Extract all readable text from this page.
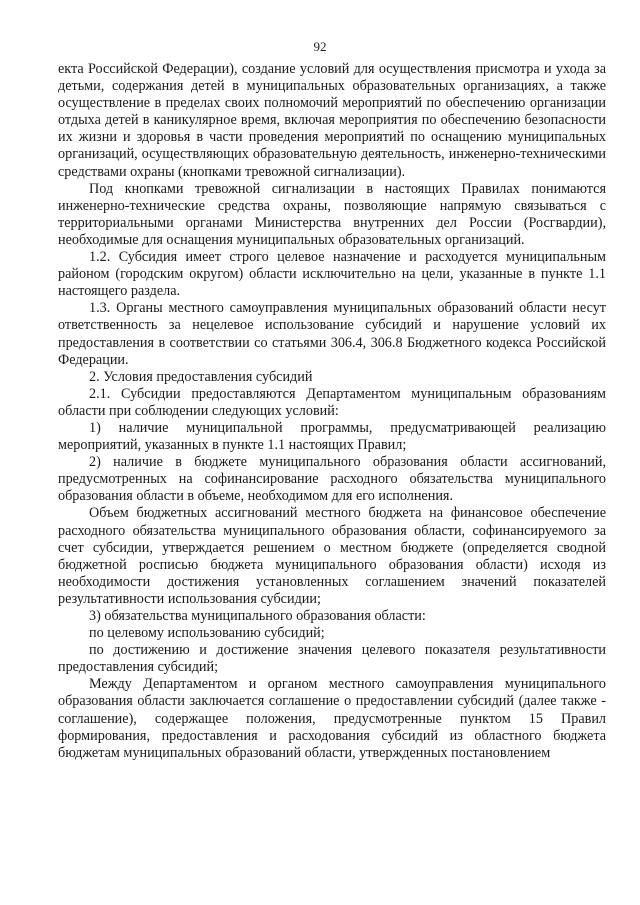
92

екта Российской Федерации), создание условий для осуществления присмотра и ухода за детьми, содержания детей в муниципальных образовательных организациях, а также осуществление в пределах своих полномочий мероприятий по обеспечению организации отдыха детей в каникулярное время, включая мероприятия по обеспечению безопасности их жизни и здоровья в части проведения мероприятий по оснащению муниципальных организаций, осуществляющих образовательную деятельность, инженерно-техническими средствами охраны (кнопками тревожной сигнализации).

Под кнопками тревожной сигнализации в настоящих Правилах понимаются инженерно-технические средства охраны, позволяющие напрямую связываться с территориальными органами Министерства внутренних дел России (Росгвардии), необходимые для оснащения муниципальных образовательных организаций.

1.2. Субсидия имеет строго целевое назначение и расходуется муниципальным районом (городским округом) области исключительно на цели, указанные в пункте 1.1 настоящего раздела.

1.3. Органы местного самоуправления муниципальных образований области несут ответственность за нецелевое использование субсидий и нарушение условий их предоставления в соответствии со статьями 306.4, 306.8 Бюджетного кодекса Российской Федерации.

2. Условия предоставления субсидий

2.1. Субсидии предоставляются Департаментом муниципальным образованиям области при соблюдении следующих условий:

1) наличие муниципальной программы, предусматривающей реализацию мероприятий, указанных в пункте 1.1 настоящих Правил;

2) наличие в бюджете муниципального образования области ассигнований, предусмотренных на софинансирование расходного обязательства муниципального образования области в объеме, необходимом для его исполнения.

Объем бюджетных ассигнований местного бюджета на финансовое обеспечение расходного обязательства муниципального образования области, софинансируемого за счет субсидии, утверждается решением о местном бюджете (определяется сводной бюджетной росписью бюджета муниципального образования области) исходя из необходимости достижения установленных соглашением значений показателей результативности использования субсидии;

3) обязательства муниципального образования области:

по целевому использованию субсидий;

по достижению и достижение значения целевого показателя результативности предоставления субсидий;

Между Департаментом и органом местного самоуправления муниципального образования области заключается соглашение о предоставлении субсидий (далее также - соглашение), содержащее положения, предусмотренные пунктом 15 Правил формирования, предоставления и расходования субсидий из областного бюджета бюджетам муниципальных образований области, утвержденных постановлением
